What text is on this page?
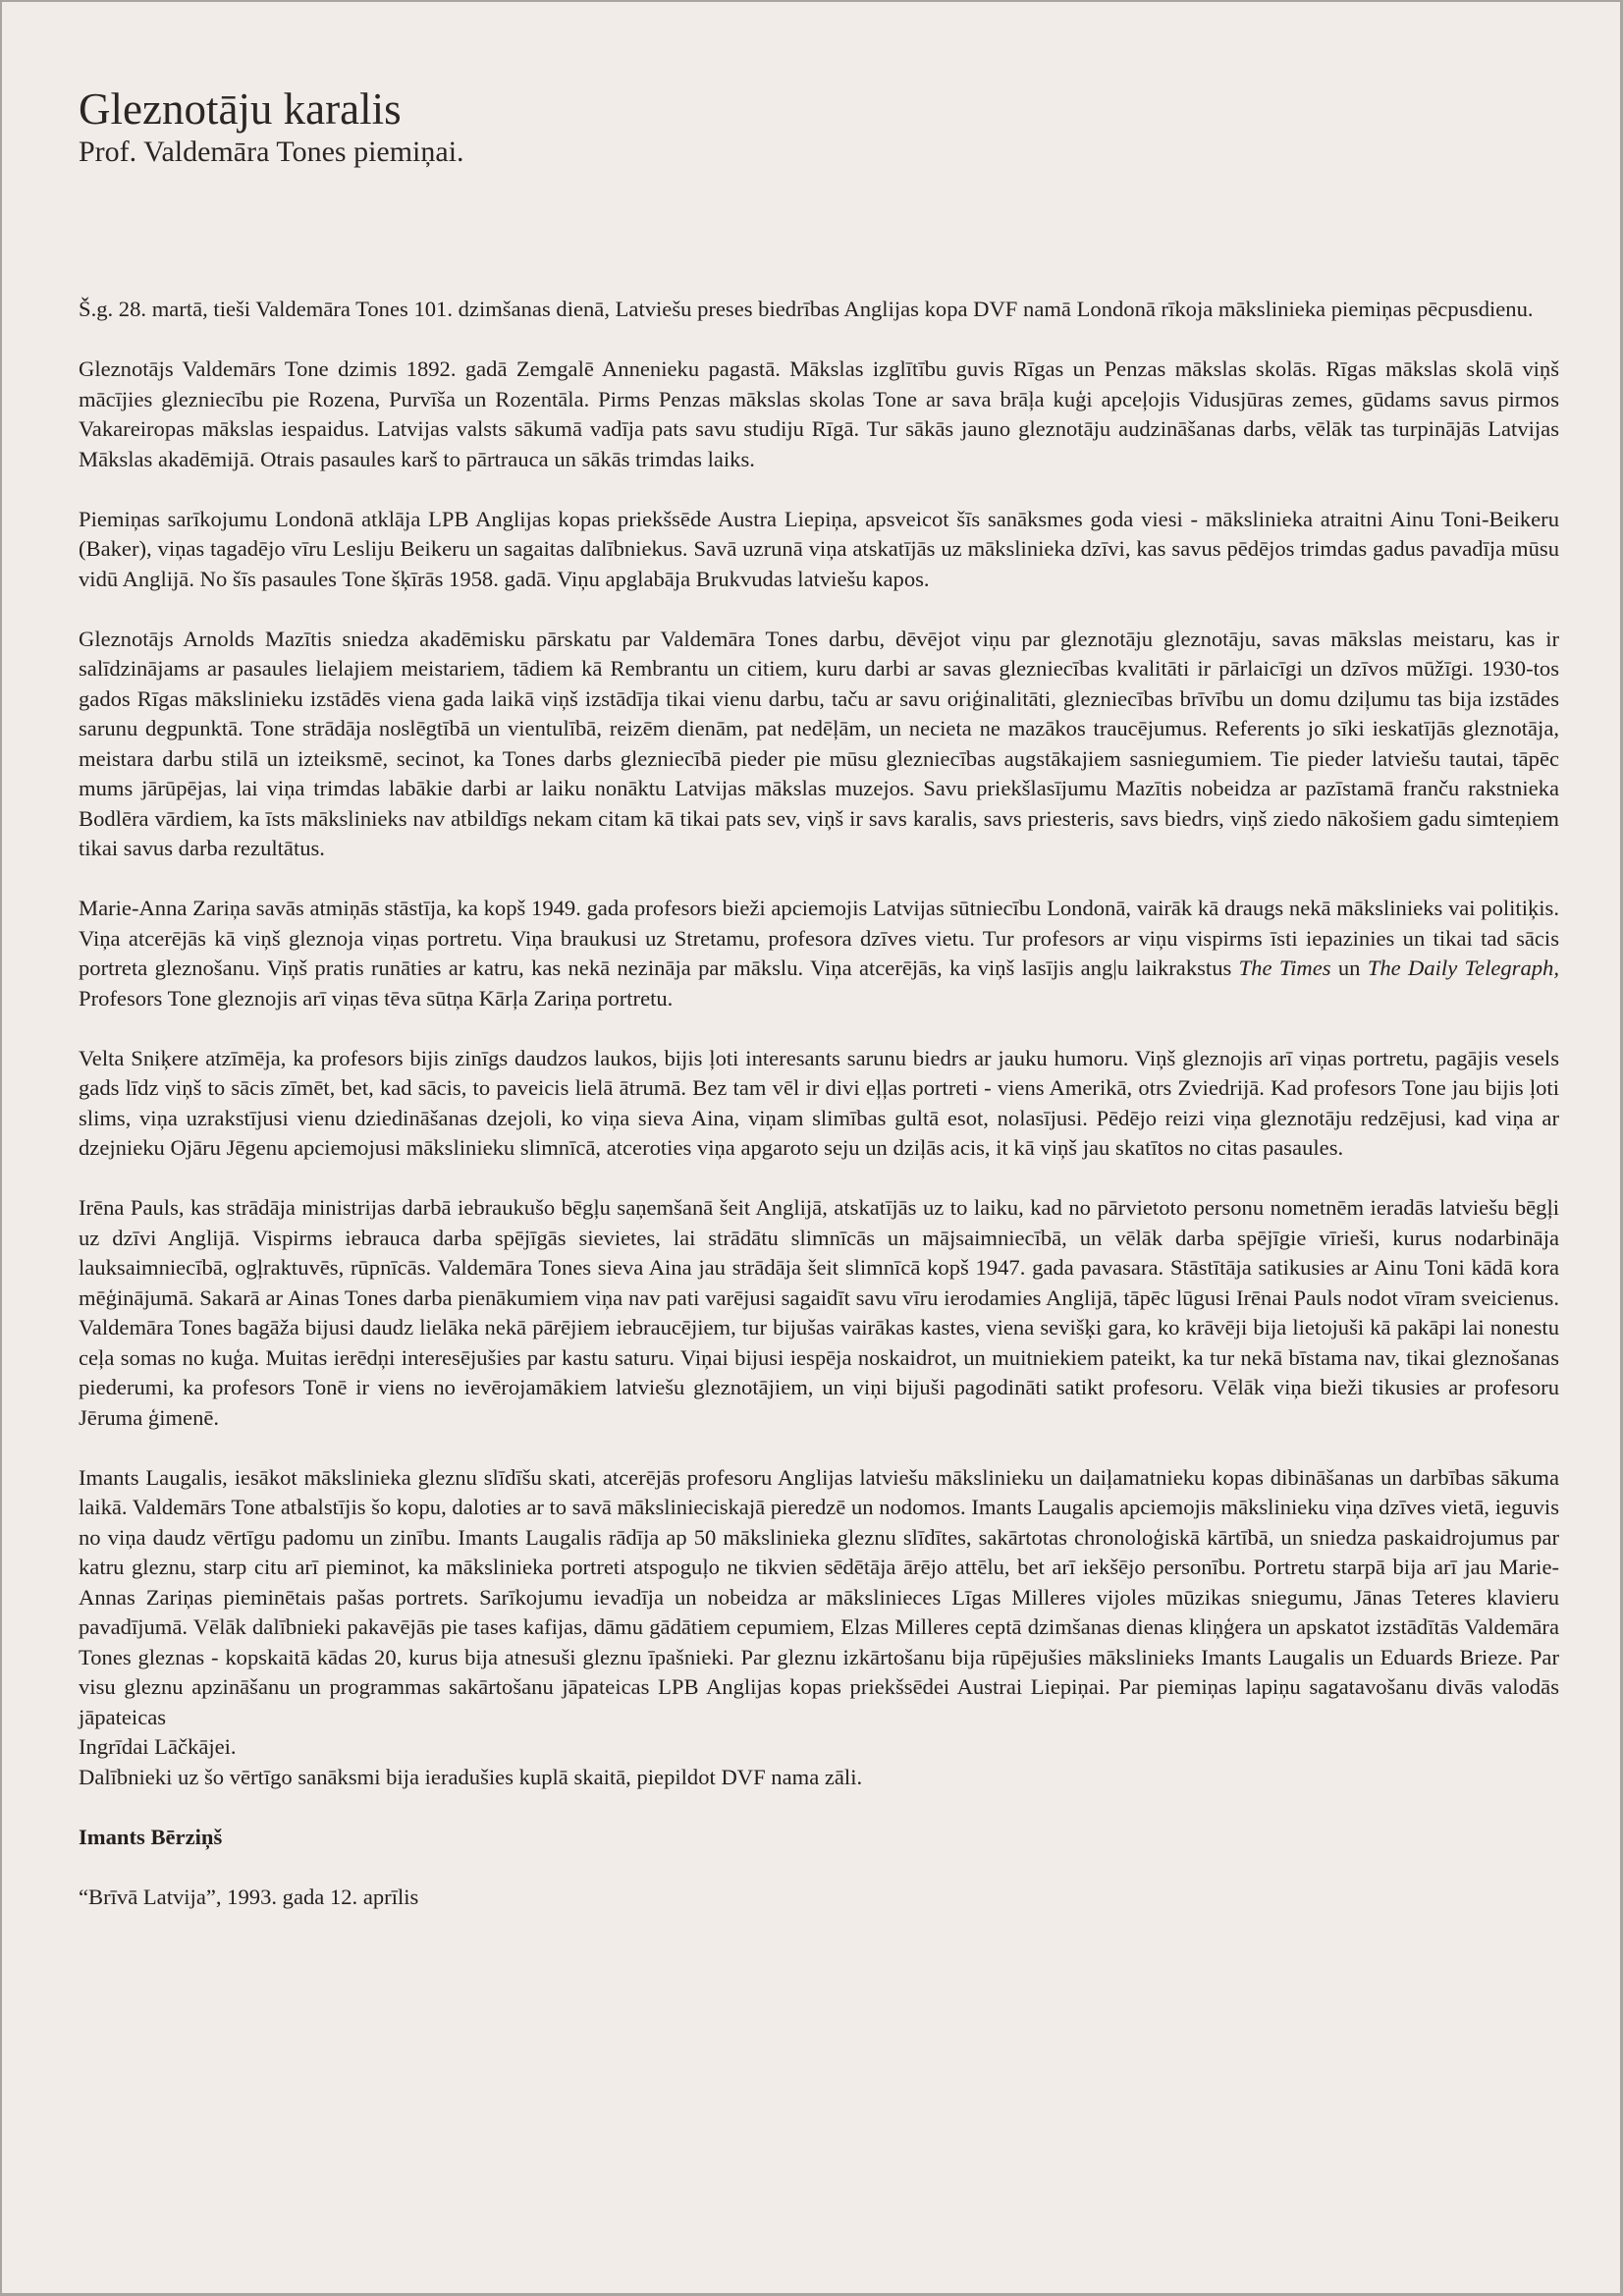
Gleznotāju karalis
Prof. Valdemāra Tones piemiņai.

Š.g. 28. martā, tieši Valdemāra Tones 101. dzimšanas dienā, Latviešu preses biedrības Anglijas kopa DVF namā Londonā rīkoja mākslinieka piemiņas pēcpusdienu.

Gleznotājs Valdemārs Tone dzimis 1892. gadā Zemgalē Annenieku pagastā. Mākslas izglītību guvis Rīgas un Penzas mākslas skolās. Rīgas mākslas skolā viņš mācījies glezniecību pie Rozena, Purvīša un Rozentāla. Pirms Penzas mākslas skolas Tone ar sava brāļa kuģi apceļojis Vidusjūras zemes, gūdams savus pirmos Vakareiropas mākslas iespaidus. Latvijas valsts sākumā vadīja pats savu studiju Rīgā. Tur sākās jauno gleznotāju audzināšanas darbs, vēlāk tas turpinājās Latvijas Mākslas akadēmijā. Otrais pasaules karš to pārtrauca un sākās trimdas laiks.

Piemiņas sarīkojumu Londonā atklāja LPB Anglijas kopas priekšsēde Austra Liepiņa, apsveicot šīs sanāksmes goda viesi - mākslinieka atraitni Ainu Toni-Beikeru (Baker), viņas tagadējo vīru Lesliju Beikeru un sagaitas dalībniekus. Savā uzrunā viņa atskatījās uz mākslinieka dzīvi, kas savus pēdējos trimdas gadus pavadīja mūsu vidū Anglijā. No šīs pasaules Tone šķīrās 1958. gadā. Viņu apglabāja Brukvudas latviešu kapos.

Gleznotājs Arnolds Mazītis sniedza akadēmisku pārskatu par Valdemāra Tones darbu, dēvējot viņu par gleznotāju gleznotāju, savas mākslas meistaru, kas ir salīdzinājams ar pasaules lielajiem meistariem, tādiem kā Rembrantu un citiem, kuru darbi ar savas glezniecības kvalitāti ir pārlaicīgi un dzīvos mūžīgi. 1930-tos gados Rīgas mākslinieku izstādēs viena gada laikā viņš izstādīja tikai vienu darbu, taču ar savu oriģinalitāti, glezniecības brīvību un domu dziļumu tas bija izstādes sarunu degpunktā. Tone strādāja noslēgtībā un vientulībā, reizēm dienām, pat nedēļām, un necieta ne mazākos traucējumus. Referents jo sīki ieskatījās gleznotāja, meistara darbu stilā un izteiksmē, secinot, ka Tones darbs glezniecībā pieder pie mūsu glezniecības augstākajiem sasniegumiem. Tie pieder latviešu tautai, tāpēc mums jārūpējas, lai viņa trimdas labākie darbi ar laiku nonāktu Latvijas mākslas muzejos. Savu priekšlasījumu Mazītis nobeidza ar pazīstamā franču rakstnieka Bodlēra vārdiem, ka īsts mākslinieks nav atbildīgs nekam citam kā tikai pats sev, viņš ir savs karalis, savs priesteris, savs biedrs, viņš ziedo nākošiem gadu simteņiem tikai savus darba rezultātus.

Marie-Anna Zariņa savās atmiņās stāstīja, ka kopš 1949. gada profesors bieži apciemojis Latvijas sūtniecību Londonā, vairāk kā draugs nekā mākslinieks vai politiķis. Viņa atcerējās kā viņš gleznoja viņas portretu. Viņa braukusi uz Stretamu, profesora dzīves vietu. Tur profesors ar viņu vispirms īsti iepazinies un tikai tad sācis portreta gleznošanu. Viņš pratis runāties ar katru, kas nekā nezināja par mākslu. Viņa atcerējās, ka viņš lasījis ang|u laikrakstus The Times un The Daily Telegraph, Profesors Tone gleznojis arī viņas tēva sūtņa Kārļa Zariņa portretu.

Velta Sniķere atzīmēja, ka profesors bijis zinīgs daudzos laukos, bijis ļoti interesants sarunu biedrs ar jauku humoru. Viņš gleznojis arī viņas portretu, pagājis vesels gads līdz viņš to sācis zīmēt, bet, kad sācis, to paveicis lielā ātrumā. Bez tam vēl ir divi eļļas portreti - viens Amerikā, otrs Zviedrijā. Kad profesors Tone jau bijis ļoti slims, viņa uzrakstījusi vienu dziedināšanas dzejoli, ko viņa sieva Aina, viņam slimības gultā esot, nolasījusi. Pēdējo reizi viņa gleznotāju redzējusi, kad viņa ar dzejnieku Ojāru Jēgenu apciemojusi mākslinieku slimnīcā, atceroties viņa apgaroto seju un dziļās acis, it kā viņš jau skatītos no citas pasaules.

Irēna Pauls, kas strādāja ministrijas darbā iebraukušo bēgļu saņemšanā šeit Anglijā, atskatījās uz to laiku, kad no pārvietoto personu nometnēm ieradās latviešu bēgļi uz dzīvi Anglijā. Vispirms iebrauca darba spējīgās sievietes, lai strādātu slimnīcās un mājsaimniecībā, un vēlāk darba spējīgie vīrieši, kurus nodarbināja lauksaimniecībā, ogļraktuvēs, rūpnīcās. Valdemāra Tones sieva Aina jau strādāja šeit slimnīcā kopš 1947. gada pavasara. Stāstītāja satikusies ar Ainu Toni kādā kora mēģinājumā. Sakarā ar Ainas Tones darba pienākumiem viņa nav pati varējusi sagaidīt savu vīru ierodamies Anglijā, tāpēc lūgusi Irēnai Pauls nodot vīram sveicienus. Valdemāra Tones bagāža bijusi daudz lielāka nekā pārējiem iebraucējiem, tur bijušas vairākas kastes, viena sevišķi gara, ko krāvēji bija lietojuši kā pakāpi lai nonestu ceļa somas no kuģa. Muitas ierēdņi interesējušies par kastu saturu. Viņai bijusi iespēja noskaidrot, un muitniekiem pateikt, ka tur nekā bīstama nav, tikai gleznošanas piederumi, ka profesors Tonē ir viens no ievērojamākiem latviešu gleznotājiem, un viņi bijuši pagodināti satikt profesoru. Vēlāk viņa bieži tikusies ar profesoru Jēruma ģimenē.

Imants Laugalis, iesākot mākslinieka gleznu slīdīšu skati, atcerējās profesoru Anglijas latviešu mākslinieku un daiļamatnieku kopas dibināšanas un darbības sākuma laikā. Valdemārs Tone atbalstījis šo kopu, daloties ar to savā mākslinieciskajā pieredzē un nodomos. Imants Laugalis apciemojis mākslinieku viņa dzīves vietā, ieguvis no viņa daudz vērtīgu padomu un zinību. Imants Laugalis rādīja ap 50 mākslinieka gleznu slīdītes, sakārtotas chronoloģiskā kārtībā, un sniedza paskaidrojumus par katru gleznu, starp citu arī pieminot, ka mākslinieka portreti atspoguļo ne tikvien sēdētāja ārējo attēlu, bet arī iekšējo personību. Portretu starpā bija arī jau Marie-Annas Zariņas pieminētais pašas portrets. Sarīkojumu ievadīja un nobeidza ar mākslinieces Līgas Milleres vijoles mūzikas sniegumu, Jānas Teteres klavieru pavadījumā. Vēlāk dalībnieki pakavējās pie tases kafijas, dāmu gādātiem cepumiem, Elzas Milleres ceptā dzimšanas dienas kliņģera un apskatot izstādītās Valdemāra Tones gleznas - kopskaitā kādas 20, kurus bija atnesuši gleznu īpašnieki. Par gleznu izkārtošanu bija rūpējušies mākslinieks Imants Laugalis un Eduards Brieze. Par visu gleznu apzināšanu un programmas sakārtošanu jāpateicas LPB Anglijas kopas priekšsēdei Austrai Liepiņai. Par piemiņas lapiņu sagatavošanu divās valodās jāpateicas

Ingrīdai Lāčkājei.

Dalībnieki uz šo vērtīgo sanāksmi bija ieradušies kuplā skaitā, piepildot DVF nama zāli.

Imants Bērziņš

“Brīvā Latvija”, 1993. gada 12. aprīlis
